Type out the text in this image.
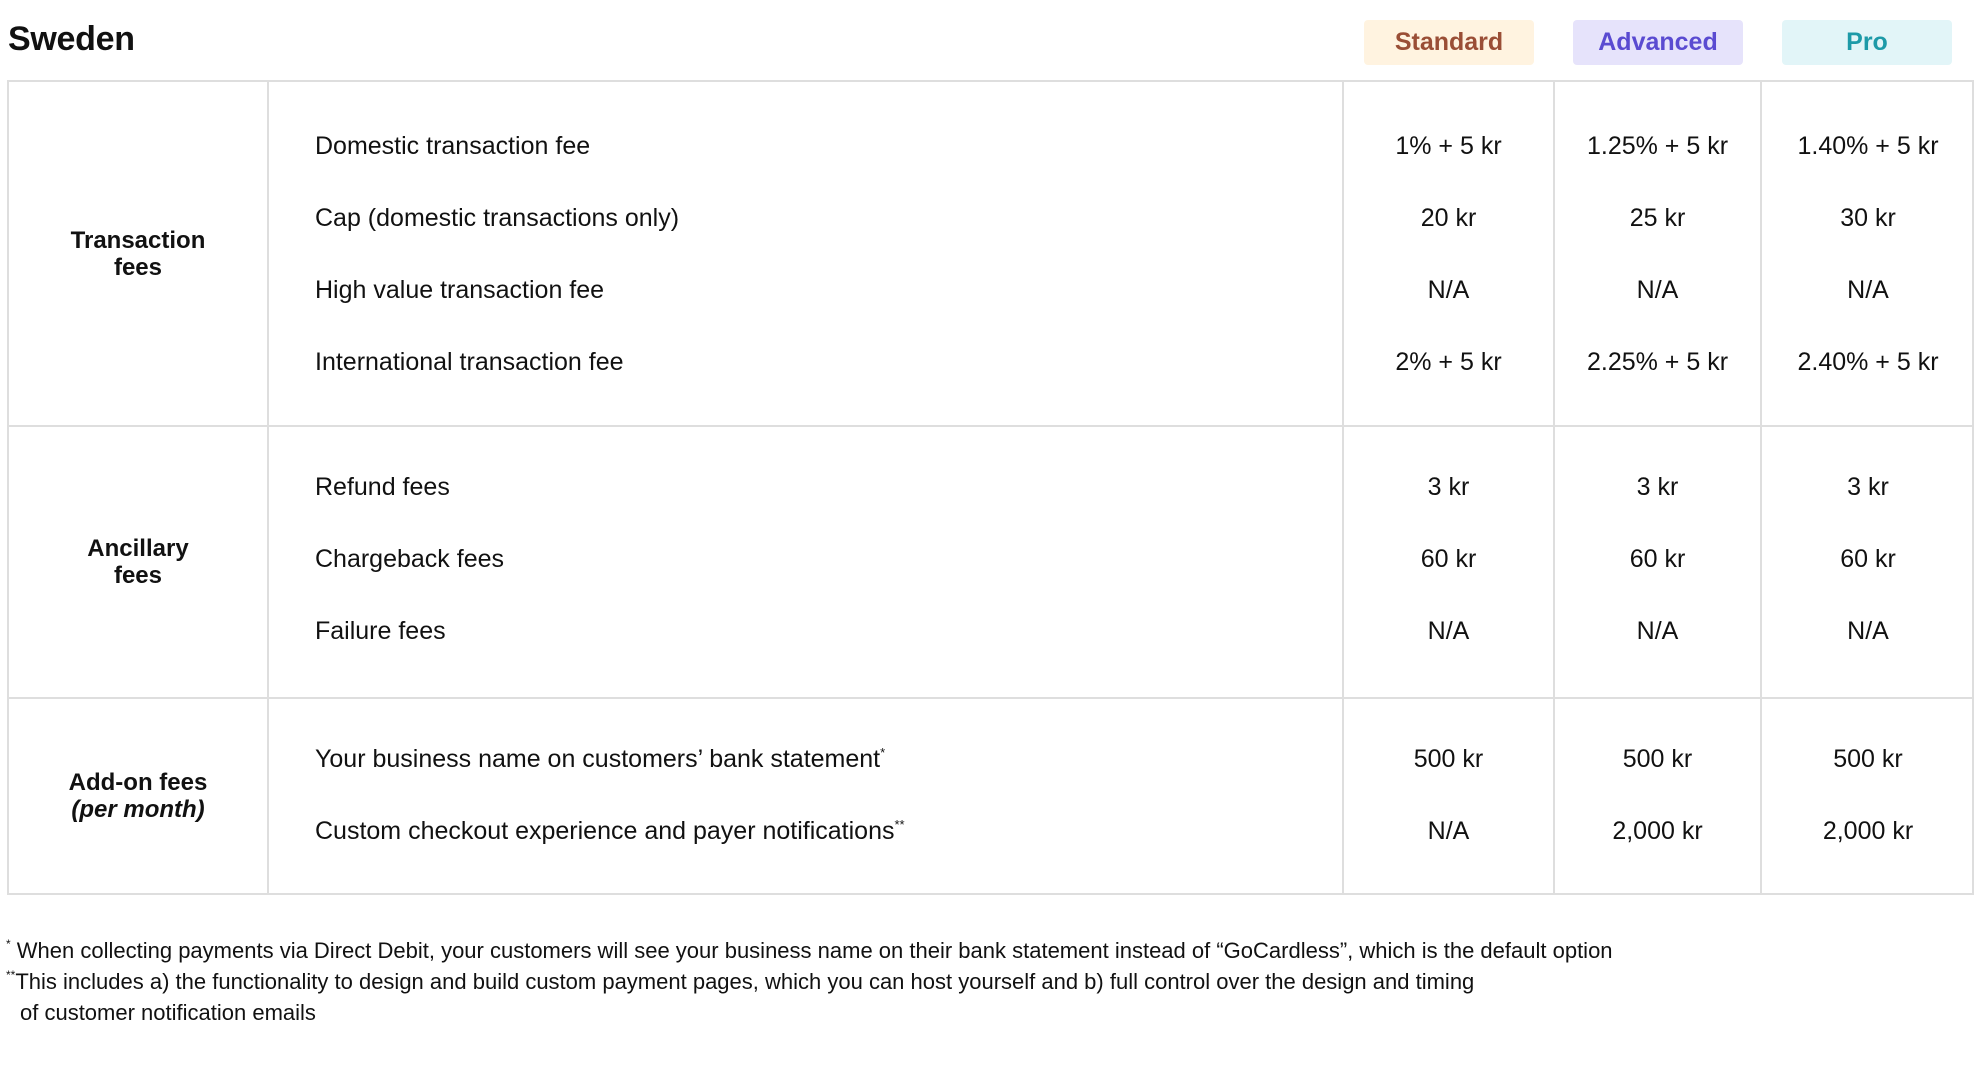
Sweden	Standard	Advanced	Pro
Transaction
fees
Domestic transaction fee	1% + 5 kr	1.25% + 5 kr	1.40% + 5 kr
Cap (domestic transactions only)	20 kr	25 kr	30 kr
High value transaction fee	N/A	N/A	N/A
International transaction fee	2% + 5 kr	2.25% + 5 kr	2.40% + 5 kr
Ancillary
fees
Refund fees	3 kr	3 kr	3 kr
Chargeback fees	60 kr	60 kr	60 kr
Failure fees	N/A	N/A	N/A
Add-on fees
(per month)
Your business name on customers’ bank statement*	500 kr	500 kr	500 kr
Custom checkout experience and payer notifications**	N/A	2,000 kr	2,000 kr
* When collecting payments via Direct Debit, your customers will see your business name on their bank statement instead of “GoCardless”, which is the default option
**This includes a) the functionality to design and build custom payment pages, which you can host yourself and b) full control over the design and timing
of customer notification emails
